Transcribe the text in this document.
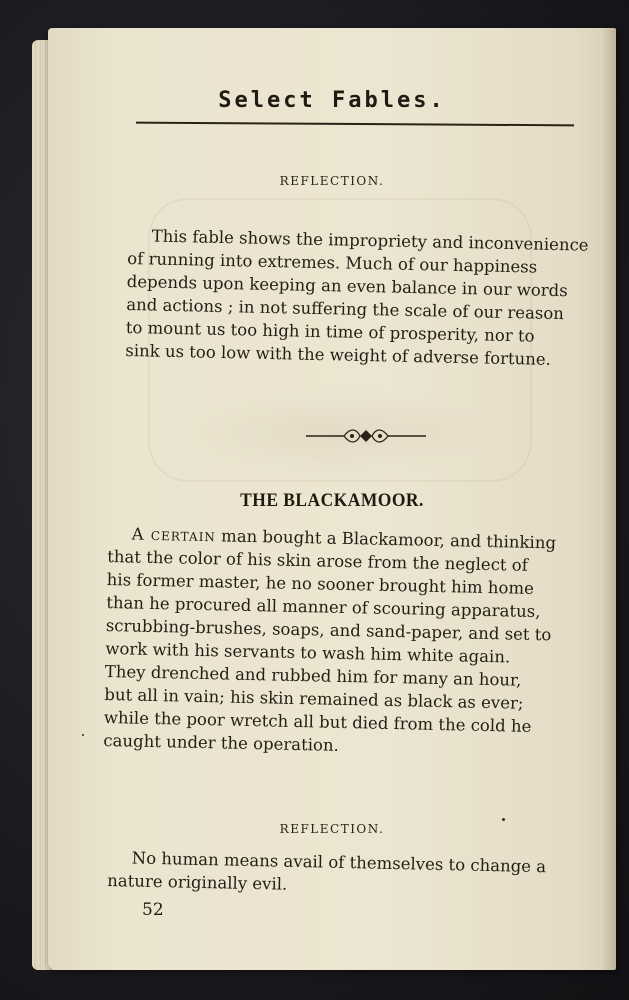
Select Fables.
REFLECTION.
This fable shows the impropriety and inconvenience
of running into extremes. Much of our happiness
depends upon keeping an even balance in our words
and actions ; in not suffering the scale of our reason
to mount us too high in time of prosperity, nor to
sink us too low with the weight of adverse fortune.
THE BLACKAMOOR.
A certain man bought a Blackamoor, and thinking
that the color of his skin arose from the neglect of
his former master, he no sooner brought him home
than he procured all manner of scouring apparatus,
scrubbing-brushes, soaps, and sand-paper, and set to
work with his servants to wash him white again.
They drenched and rubbed him for many an hour,
but all in vain; his skin remained as black as ever;
while the poor wretch all but died from the cold he
caught under the operation.
REFLECTION.
No human means avail of themselves to change a
nature originally evil.
52
